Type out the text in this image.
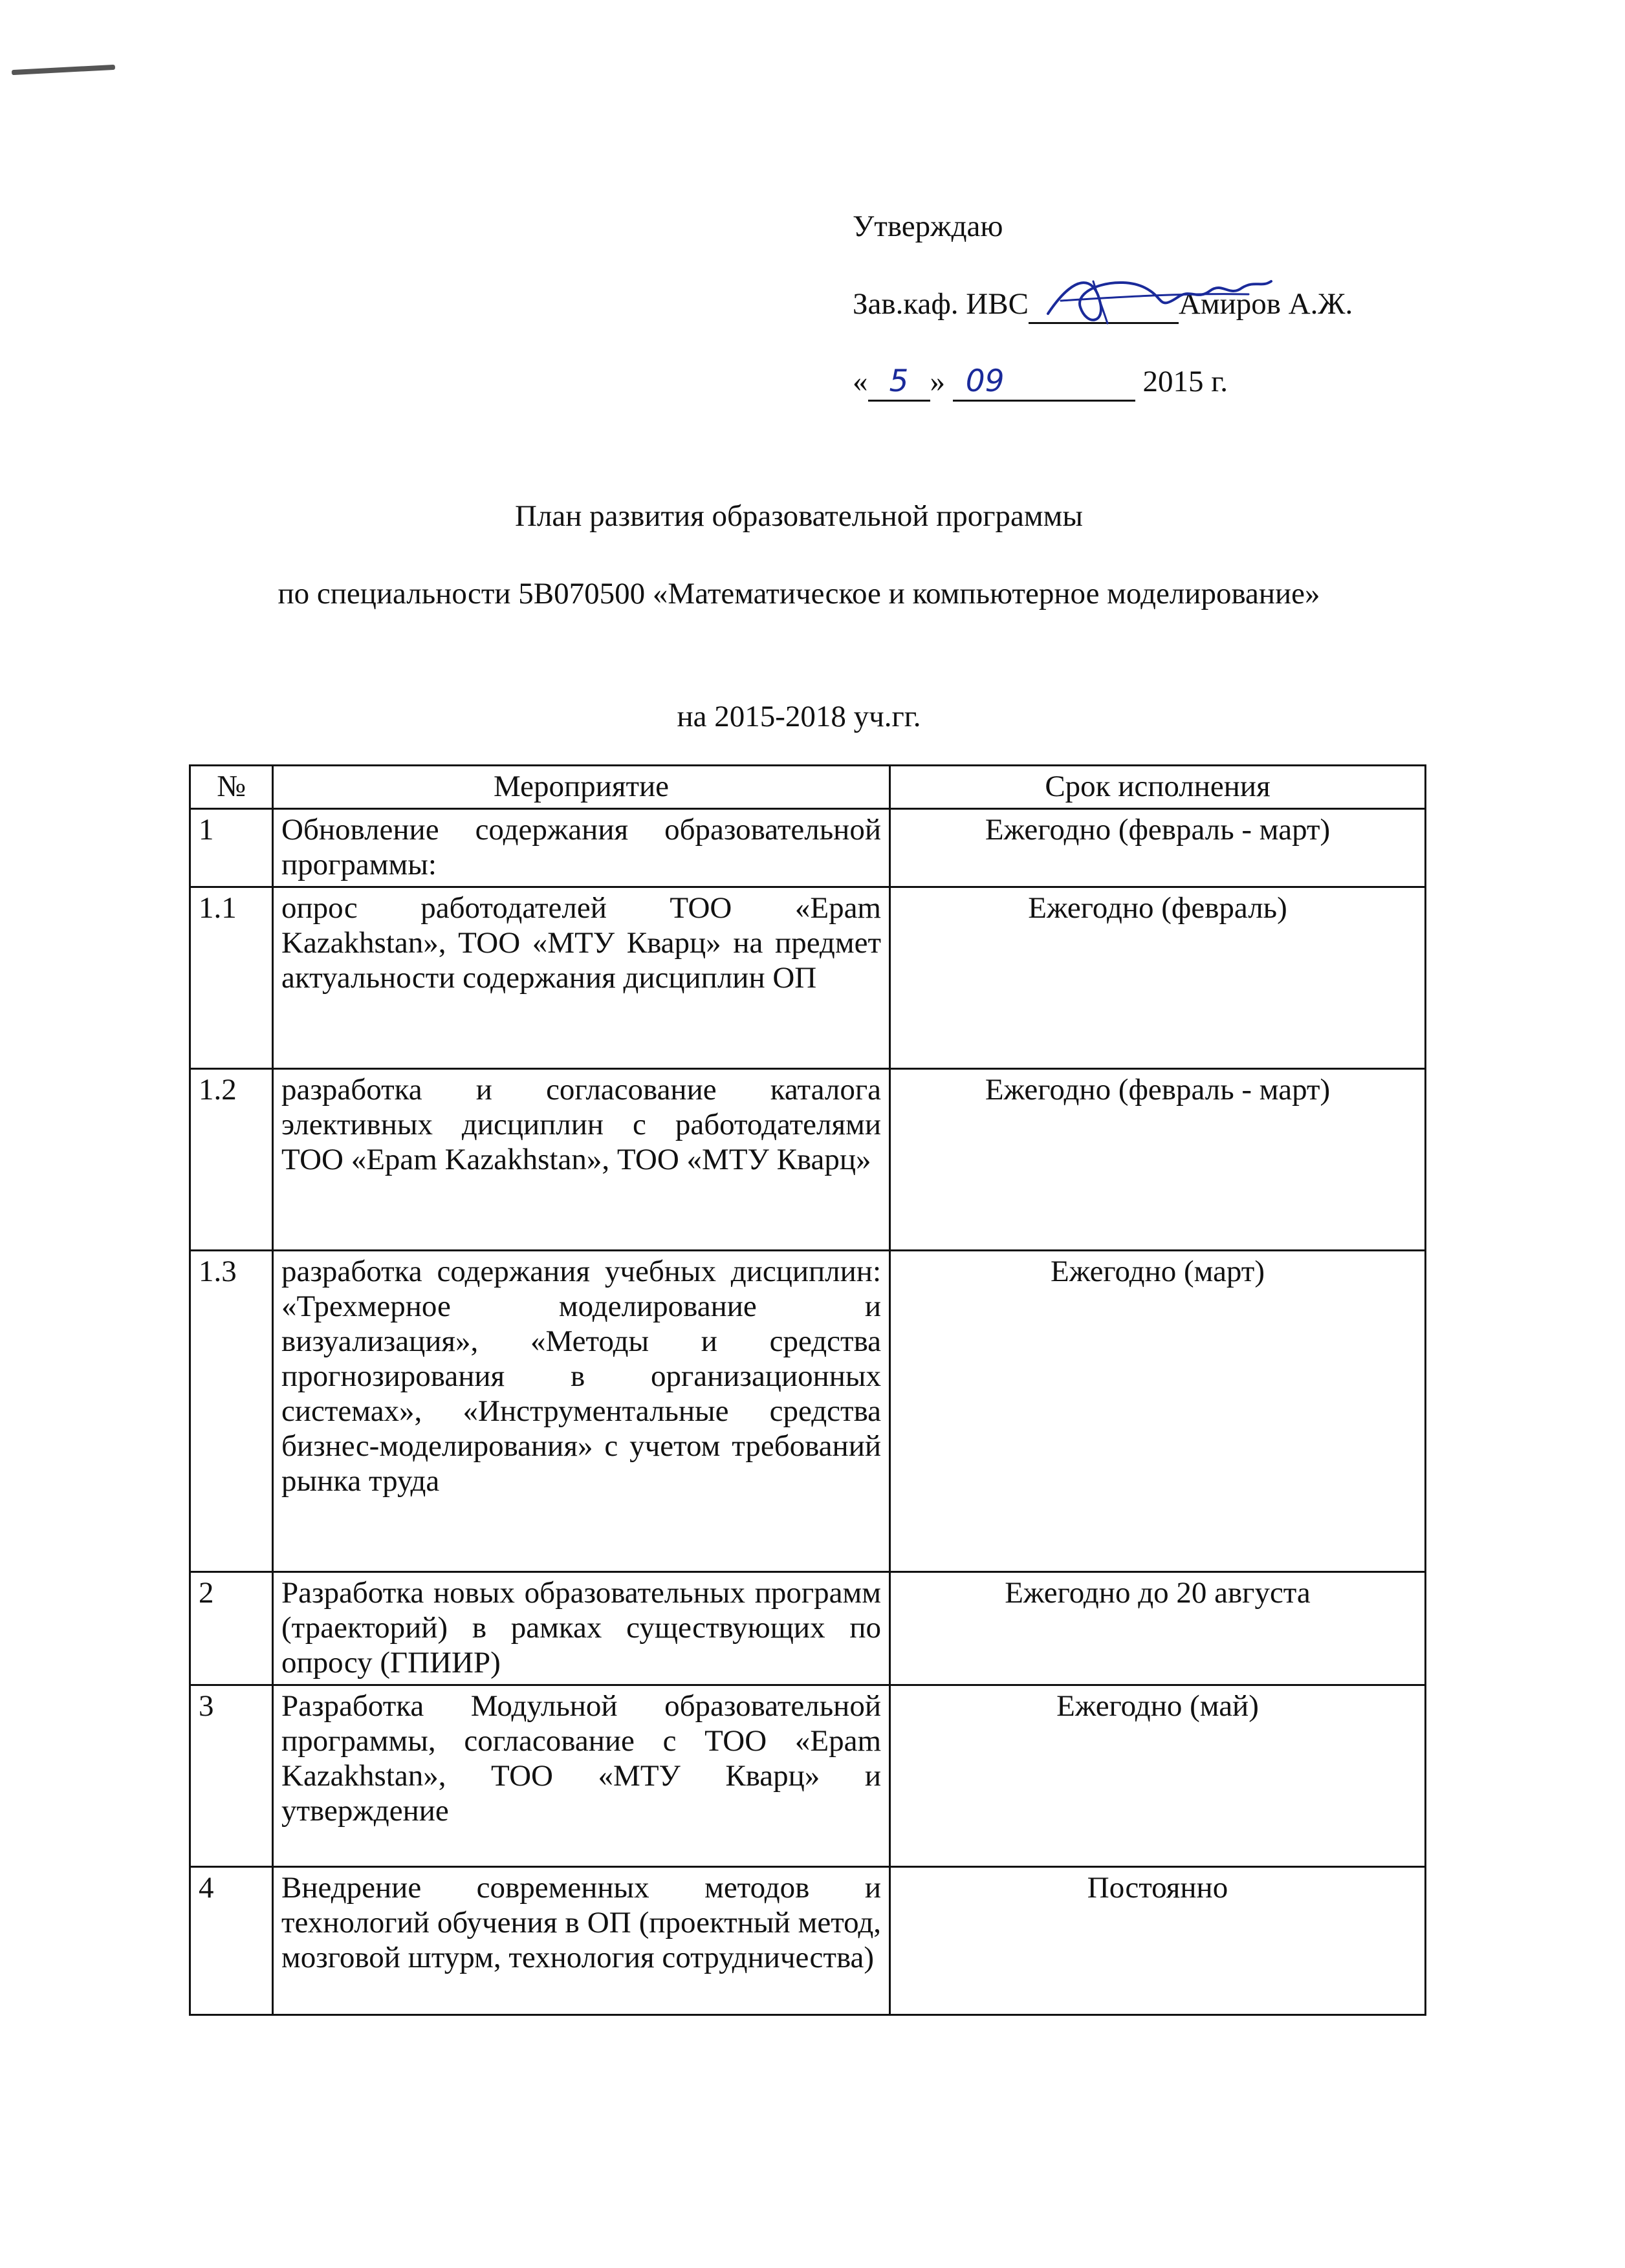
Утверждаю
Зав.каф. ИВС	Амиров А.Ж.
« 5 » 09	2015 г.
План развития образовательной программы
по специальности 5В070500 «Математическое и компьютерное моделирование»
на 2015-2018 уч.гг.
№	Мероприятие	Срок исполнения
1	Обновление содержания образовательной программы:	Ежегодно (февраль - март)
1.1	опрос работодателей ТОО «Epam Kazakhstan», ТОО «МТУ Кварц» на предмет актуальности содержания дисциплин ОП	Ежегодно (февраль)
1.2	разработка и согласование каталога элективных дисциплин с работодателями ТОО «Epam Kazakhstan», ТОО «МТУ Кварц»	Ежегодно (февраль - март)
1.3	разработка содержания учебных дисциплин: «Трехмерное моделирование и визуализация», «Методы и средства прогнозирования в организационных системах», «Инструментальные средства бизнес-моделирования» с учетом требований рынка труда	Ежегодно (март)
2	Разработка новых образовательных программ (траекторий) в рамках существующих по опросу (ГПИИР)	Ежегодно до 20 августа
3	Разработка Модульной образовательной программы, согласование с ТОО «Epam Kazakhstan», ТОО «МТУ Кварц» и утверждение	Ежегодно (май)
4	Внедрение современных методов и технологий обучения в ОП (проектный метод, мозговой штурм, технология сотрудничества)	Постоянно
